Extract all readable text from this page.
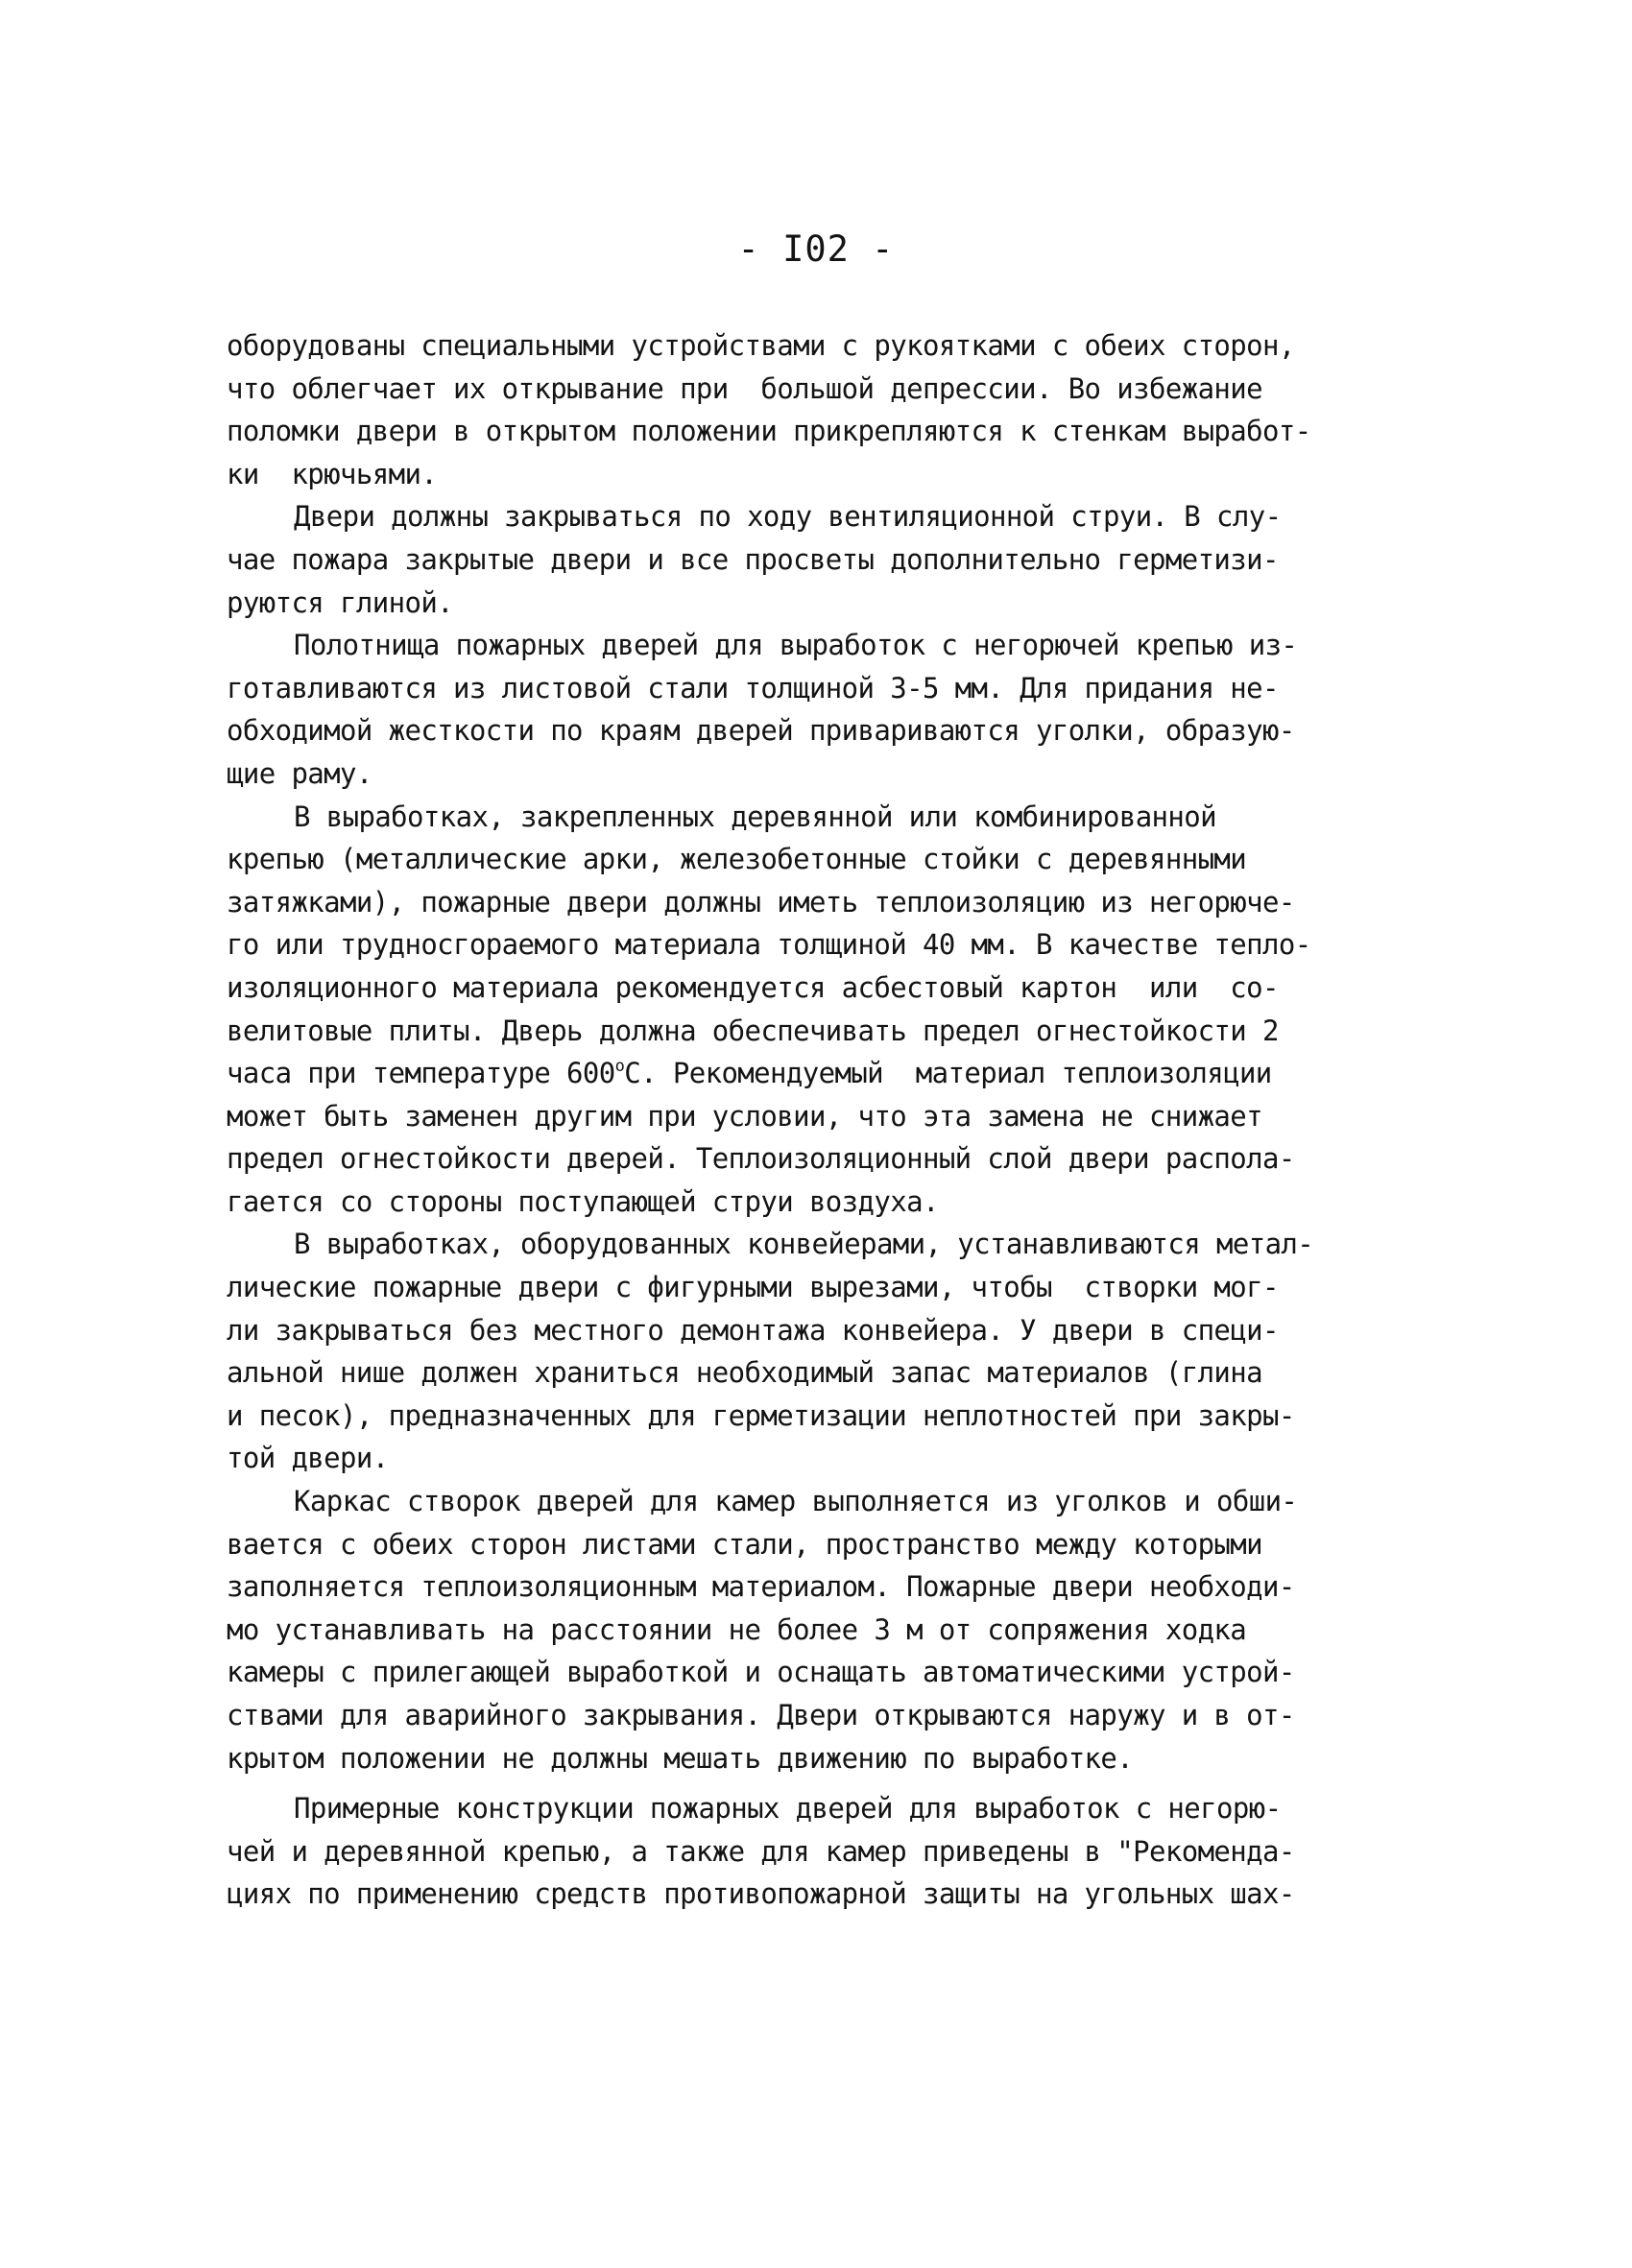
- I02 -
оборудованы специальными устройствами с рукоятками с обеих сторон,
что облегчает их открывание при  большой депрессии. Во избежание
поломки двери в открытом положении прикрепляются к стенкам выработ-
ки  крючьями.
Двери должны закрываться по ходу вентиляционной струи. В слу-
чае пожара закрытые двери и все просветы дополнительно герметизи-
руются глиной.
Полотнища пожарных дверей для выработок с негорючей крепью из-
готавливаются из листовой стали толщиной 3-5 мм. Для придания не-
обходимой жесткости по краям дверей привариваются уголки, образую-
щие раму.
В выработках, закрепленных деревянной или комбинированной
крепью (металлические арки, железобетонные стойки с деревянными
затяжками), пожарные двери должны иметь теплоизоляцию из негорюче-
го или трудносгораемого материала толщиной 40 мм. В качестве тепло-
изоляционного материала рекомендуется асбестовый картон  или  со-
велитовые плиты. Дверь должна обеспечивать предел огнестойкости 2
часа при температуре 600$^o$C. Рекомендуемый  материал теплоизоляции
может быть заменен другим при условии, что эта замена не снижает
предел огнестойкости дверей. Теплоизоляционный слой двери распола-
гается со стороны поступающей струи воздуха.
В выработках, оборудованных конвейерами, устанавливаются метал-
лические пожарные двери с фигурными вырезами, чтобы  створки мог-
ли закрываться без местного демонтажа конвейера. У двери в специ-
альной нише должен храниться необходимый запас материалов (глина
и песок), предназначенных для герметизации неплотностей при закры-
той двери.
Каркас створок дверей для камер выполняется из уголков и обши-
вается с обеих сторон листами стали, пространство между которыми
заполняется теплоизоляционным материалом. Пожарные двери необходи-
мо устанавливать на расстоянии не более 3 м от сопряжения ходка
камеры с прилегающей выработкой и оснащать автоматическими устрой-
ствами для аварийного закрывания. Двери открываются наружу и в от-
крытом положении не должны мешать движению по выработке.
Примерные конструкции пожарных дверей для выработок с негорю-
чей и деревянной крепью, а также для камер приведены в "Рекоменда-
циях по применению средств противопожарной защиты на угольных шах-
